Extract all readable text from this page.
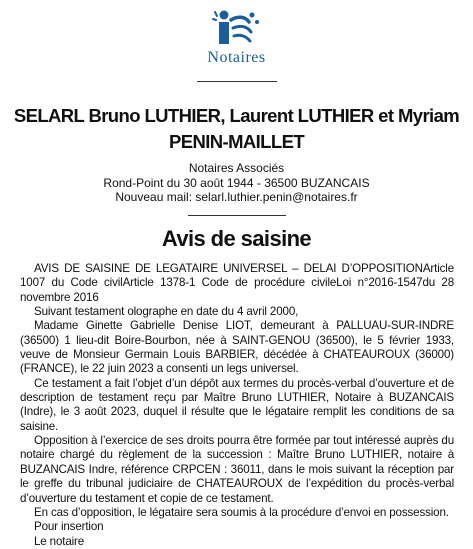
Notaires
SELARL Bruno LUTHIER, Laurent LUTHIER et Myriam
PENIN-MAILLET
Notaires Associés
Rond-Point du 30 août 1944 - 36500 BUZANCAIS
Nouveau mail: selarl.luthier.penin@notaires.fr
Avis de saisine

AVIS DE SAISINE DE LEGATAIRE UNIVERSEL – DELAI D’OPPOSITIONArticle 1007 du Code civilArticle 1378-1 Code de procédure civileLoi n°2016-1547du 28 novembre 2016

Suivant testament olographe en date du 4 avril 2000,

Madame Ginette Gabrielle Denise LIOT, demeurant à PALLUAU-SUR-INDRE (36500) 1 lieu-dit Boire-Bourbon, née à SAINT-GENOU (36500), le 5 février 1933, veuve de Monsieur Germain Louis BARBIER, décédée à CHATEAUROUX (36000) (FRANCE), le 22 juin 2023 a consenti un legs universel.

Ce testament a fait l’objet d’un dépôt aux termes du procès-verbal d’ouverture et de description de testament reçu par Maître Bruno LUTHIER, Notaire à BUZANCAIS (Indre), le 3 août 2023, duquel il résulte que le légataire remplit les conditions de sa saisine.

Opposition à l’exercice de ses droits pourra être formée par tout intéressé auprès du notaire chargé du règlement de la succession : Maître Bruno LUTHIER, notaire à BUZANCAIS Indre, référence CRPCEN : 36011, dans le mois suivant la réception par le greffe du tribunal judiciaire de CHATEAUROUX de l’expédition du procès-verbal d’ouverture du testament et copie de ce testament.

En cas d’opposition, le légataire sera soumis à la procédure d’envoi en possession.

Pour insertion

Le notaire
